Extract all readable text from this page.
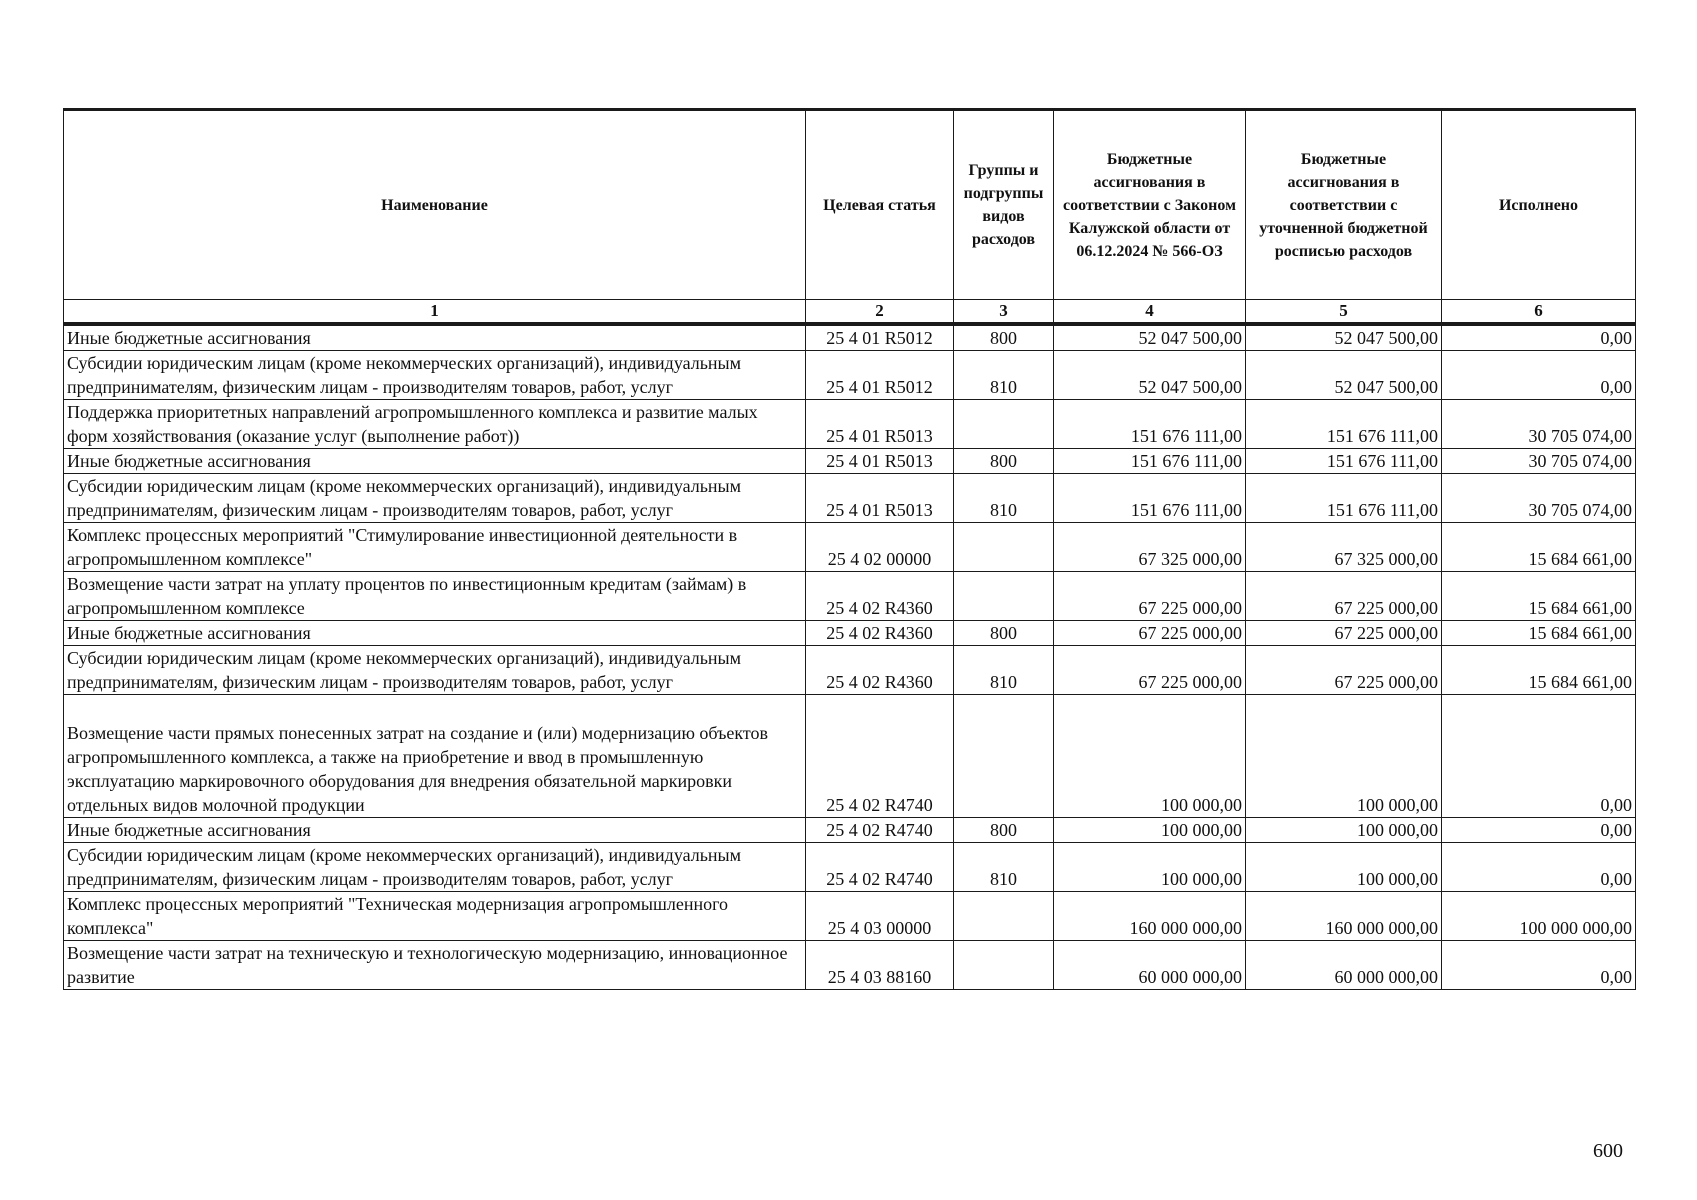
Наименование	Целевая статья	Группы и подгруппы видов расходов	Бюджетные ассигнования в соответствии с Законом Калужской области от 06.12.2024 № 566-ОЗ	Бюджетные ассигнования в соответствии с уточненной бюджетной росписью расходов	Исполнено
1	2	3	4	5	6
Иные бюджетные ассигнования	25 4 01 R5012	800	52 047 500,00	52 047 500,00	0,00
Субсидии юридическим лицам (кроме некоммерческих организаций), индивидуальным предпринимателям, физическим лицам - производителям товаров, работ, услуг	25 4 01 R5012	810	52 047 500,00	52 047 500,00	0,00
Поддержка приоритетных направлений агропромышленного комплекса и развитие малых форм хозяйствования (оказание услуг (выполнение работ))	25 4 01 R5013		151 676 111,00	151 676 111,00	30 705 074,00
Иные бюджетные ассигнования	25 4 01 R5013	800	151 676 111,00	151 676 111,00	30 705 074,00
Субсидии юридическим лицам (кроме некоммерческих организаций), индивидуальным предпринимателям, физическим лицам - производителям товаров, работ, услуг	25 4 01 R5013	810	151 676 111,00	151 676 111,00	30 705 074,00
Комплекс процессных мероприятий "Стимулирование инвестиционной деятельности в агропромышленном комплексе"	25 4 02 00000		67 325 000,00	67 325 000,00	15 684 661,00
Возмещение части затрат на уплату процентов по инвестиционным кредитам (займам) в агропромышленном комплексе	25 4 02 R4360		67 225 000,00	67 225 000,00	15 684 661,00
Иные бюджетные ассигнования	25 4 02 R4360	800	67 225 000,00	67 225 000,00	15 684 661,00
Субсидии юридическим лицам (кроме некоммерческих организаций), индивидуальным предпринимателям, физическим лицам - производителям товаров, работ, услуг	25 4 02 R4360	810	67 225 000,00	67 225 000,00	15 684 661,00
Возмещение части прямых понесенных затрат на создание и (или) модернизацию объектов агропромышленного комплекса, а также на приобретение и ввод в промышленную эксплуатацию маркировочного оборудования для внедрения обязательной маркировки отдельных видов молочной продукции	25 4 02 R4740		100 000,00	100 000,00	0,00
Иные бюджетные ассигнования	25 4 02 R4740	800	100 000,00	100 000,00	0,00
Субсидии юридическим лицам (кроме некоммерческих организаций), индивидуальным предпринимателям, физическим лицам - производителям товаров, работ, услуг	25 4 02 R4740	810	100 000,00	100 000,00	0,00
Комплекс процессных мероприятий "Техническая модернизация агропромышленного комплекса"	25 4 03 00000		160 000 000,00	160 000 000,00	100 000 000,00
Возмещение части затрат на техническую и технологическую модернизацию, инновационное развитие	25 4 03 88160		60 000 000,00	60 000 000,00	0,00
600
